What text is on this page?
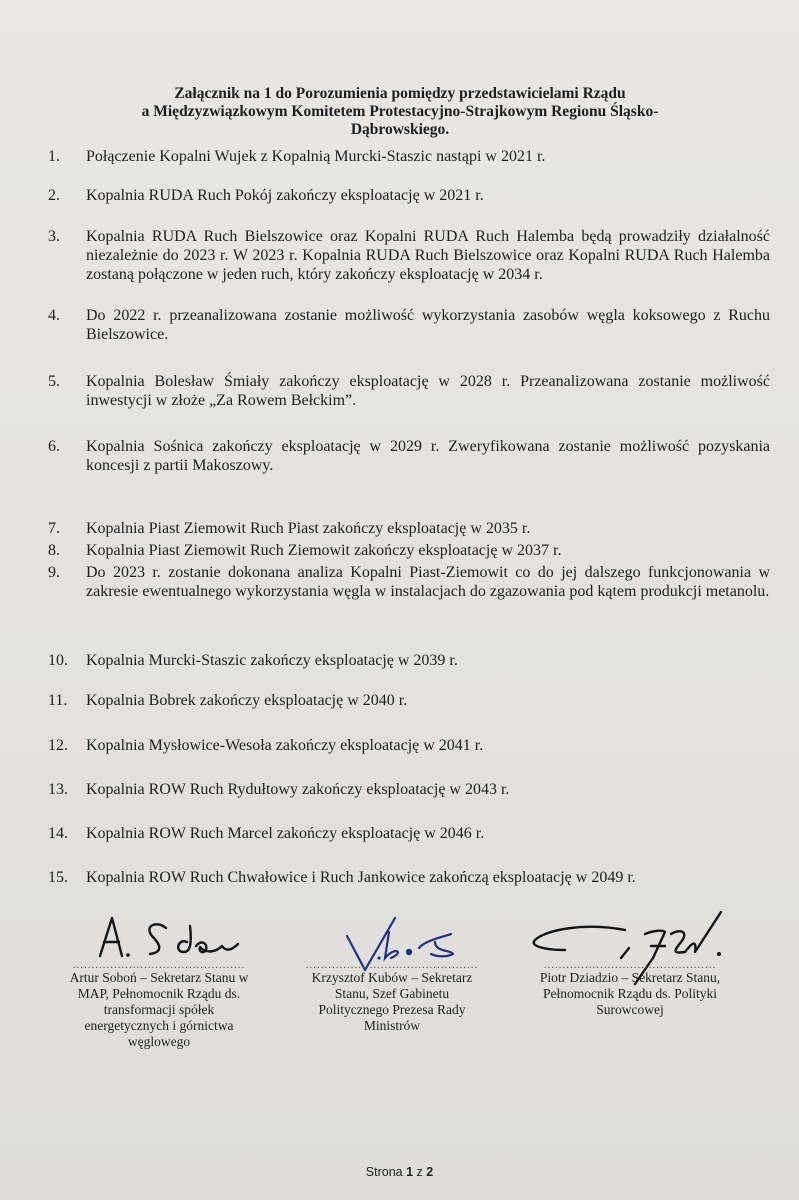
Załącznik na 1 do Porozumienia pomiędzy przedstawicielami Rządu
a Międzyzwiązkowym Komitetem Protestacyjno-Strajkowym Regionu Śląsko-
Dąbrowskiego.
1.	Połączenie Kopalni Wujek z Kopalnią Murcki-Staszic nastąpi w 2021 r.
2.	Kopalnia RUDA Ruch Pokój zakończy eksploatację w 2021 r.
3.	Kopalnia RUDA Ruch Bielszowice oraz Kopalni RUDA Ruch Halemba będą prowadziły działalność niezależnie do 2023 r. W 2023 r. Kopalnia RUDA Ruch Bielszowice oraz Kopalni RUDA Ruch Halemba zostaną połączone w jeden ruch, który zakończy eksploatację w 2034 r.
4.	Do 2022 r. przeanalizowana zostanie możliwość wykorzystania zasobów węgla koksowego z Ruchu Bielszowice.
5.	Kopalnia Bolesław Śmiały zakończy eksploatację w 2028 r. Przeanalizowana zostanie możliwość inwestycji w złoże „Za Rowem Bełckim”.
6.	Kopalnia Sośnica zakończy eksploatację w 2029 r. Zweryfikowana zostanie możliwość pozyskania koncesji z partii Makoszowy.
7.	Kopalnia Piast Ziemowit Ruch Piast zakończy eksploatację w 2035 r.
8.	Kopalnia Piast Ziemowit Ruch Ziemowit zakończy eksploatację w 2037 r.
9.	Do 2023 r. zostanie dokonana analiza Kopalni Piast-Ziemowit co do jej dalszego funkcjonowania w zakresie ewentualnego wykorzystania węgla w instalacjach do zgazowania pod kątem produkcji metanolu.
10.	Kopalnia Murcki-Staszic zakończy eksploatację w 2039 r.
11.	Kopalnia Bobrek zakończy eksploatację w 2040 r.
12.	Kopalnia Mysłowice-Wesoła zakończy eksploatację w 2041 r.
13.	Kopalnia ROW Ruch Rydułtowy zakończy eksploatację w 2043 r.
14.	Kopalnia ROW Ruch Marcel zakończy eksploatację w 2046 r.
15.	Kopalnia ROW Ruch Chwałowice i Ruch Jankowice zakończą eksploatację w 2049 r.
..............................................
Artur Soboń – Sekretarz Stanu w
MAP, Pełnomocnik Rządu ds.
transformacji spółek
energetycznych i górnictwa
węglowego
..............................................
Krzysztof Kubów – Sekretarz
Stanu, Szef Gabinetu
Politycznego Prezesa Rady
Ministrów
..............................................
Piotr Dziadzio – Sekretarz Stanu,
Pełnomocnik Rządu ds. Polityki
Surowcowej
Strona 1 z 2
